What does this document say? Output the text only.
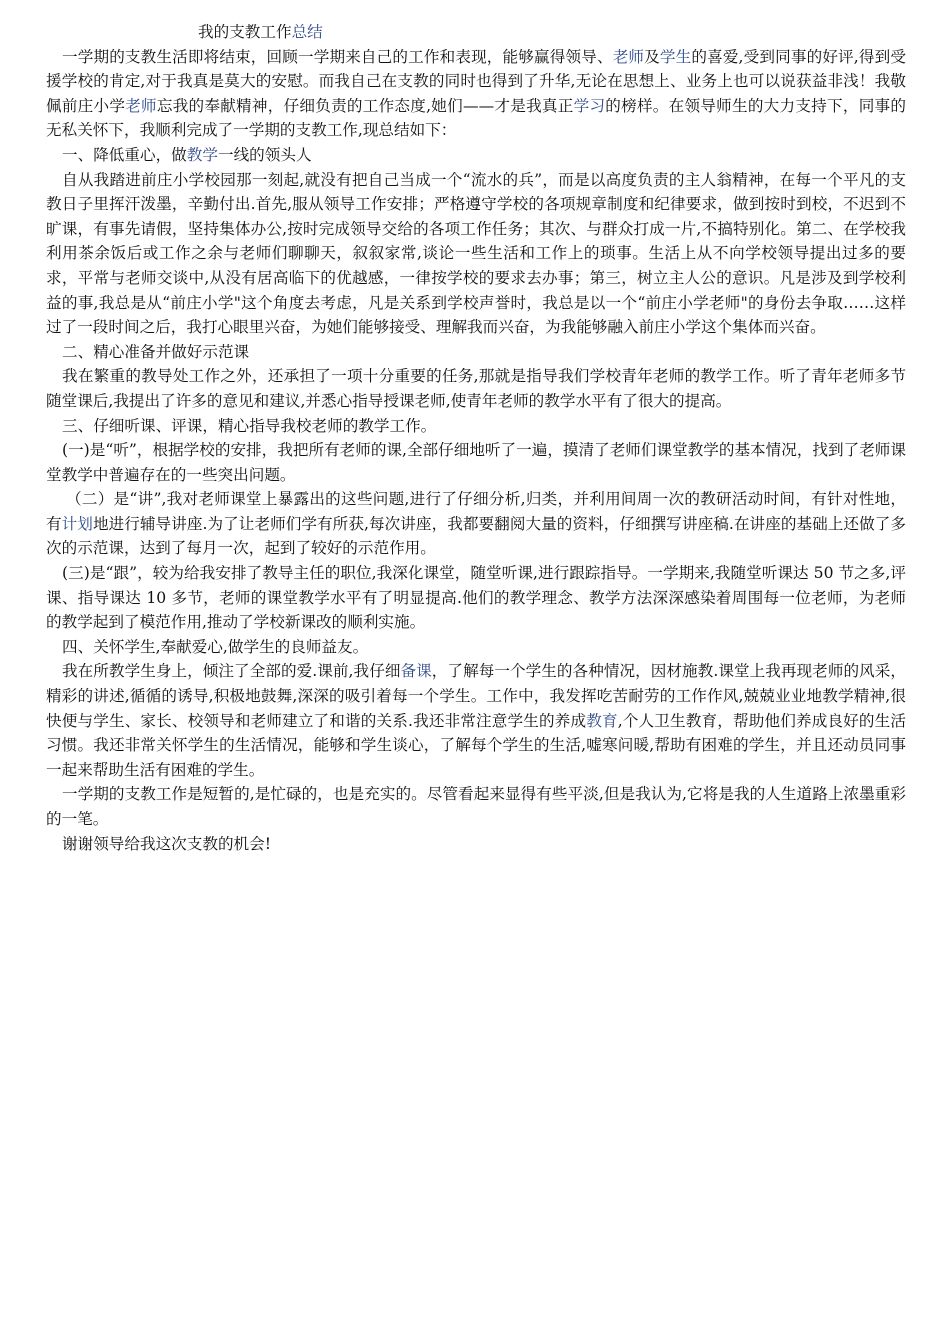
我的支教工作总结
一学期的支教生活即将结束，回顾一学期来自己的工作和表现，能够赢得领导、老师及学生的喜爱,受到同事的好评,得到受援学校的肯定,对于我真是莫大的安慰。而我自己在支教的同时也得到了升华,无论在思想上、业务上也可以说获益非浅！我敬佩前庄小学老师忘我的奉献精神，仔细负责的工作态度,她们——才是我真正学习的榜样。在领导师生的大力支持下，同事的无私关怀下，我顺利完成了一学期的支教工作,现总结如下：
一、降低重心，做教学一线的领头人
自从我踏进前庄小学校园那一刻起,就没有把自己当成一个“流水的兵”，而是以高度负责的主人翁精神，在每一个平凡的支教日子里挥汗泼墨，辛勤付出.首先,服从领导工作安排；严格遵守学校的各项规章制度和纪律要求，做到按时到校，不迟到不旷课，有事先请假，坚持集体办公,按时完成领导交给的各项工作任务；其次、与群众打成一片,不搞特别化。第二、在学校我利用茶余饭后或工作之余与老师们聊聊天，叙叙家常,谈论一些生活和工作上的琐事。生活上从不向学校领导提出过多的要求，平常与老师交谈中,从没有居高临下的优越感，一律按学校的要求去办事；第三，树立主人公的意识。凡是涉及到学校利益的事,我总是从“前庄小学"这个角度去考虑，凡是关系到学校声誉时，我总是以一个“前庄小学老师"的身份去争取……这样过了一段时间之后，我打心眼里兴奋，为她们能够接受、理解我而兴奋，为我能够融入前庄小学这个集体而兴奋。
二、精心准备并做好示范课
我在繁重的教导处工作之外，还承担了一项十分重要的任务,那就是指导我们学校青年老师的教学工作。听了青年老师多节随堂课后,我提出了许多的意见和建议,并悉心指导授课老师,使青年老师的教学水平有了很大的提高。
三、仔细听课、评课，精心指导我校老师的教学工作。
(一)是“听”，根据学校的安排，我把所有老师的课,全部仔细地听了一遍，摸清了老师们课堂教学的基本情况，找到了老师课堂教学中普遍存在的一些突出问题。
（二）是“讲”,我对老师课堂上暴露出的这些问题,进行了仔细分析,归类，并利用间周一次的教研活动时间，有针对性地，有计划地进行辅导讲座.为了让老师们学有所获,每次讲座，我都要翻阅大量的资料，仔细撰写讲座稿.在讲座的基础上还做了多次的示范课，达到了每月一次，起到了较好的示范作用。
(三)是“跟”，较为给我安排了教导主任的职位,我深化课堂，随堂听课,进行跟踪指导。一学期来,我随堂听课达 50 节之多,评课、指导课达 10 多节，老师的课堂教学水平有了明显提高.他们的教学理念、教学方法深深感染着周围每一位老师，为老师的教学起到了模范作用,推动了学校新课改的顺利实施。
四、关怀学生,奉献爱心,做学生的良师益友。
我在所教学生身上，倾注了全部的爱.课前,我仔细备课，了解每一个学生的各种情况，因材施教.课堂上我再现老师的风采，精彩的讲述,循循的诱导,积极地鼓舞,深深的吸引着每一个学生。工作中，我发挥吃苦耐劳的工作作风,兢兢业业地教学精神,很快便与学生、家长、校领导和老师建立了和谐的关系.我还非常注意学生的养成教育,个人卫生教育，帮助他们养成良好的生活习惯。我还非常关怀学生的生活情况，能够和学生谈心，了解每个学生的生活,嘘寒问暖,帮助有困难的学生，并且还动员同事一起来帮助生活有困难的学生。
一学期的支教工作是短暂的,是忙碌的，也是充实的。尽管看起来显得有些平淡,但是我认为,它将是我的人生道路上浓墨重彩的一笔。
谢谢领导给我这次支教的机会!
